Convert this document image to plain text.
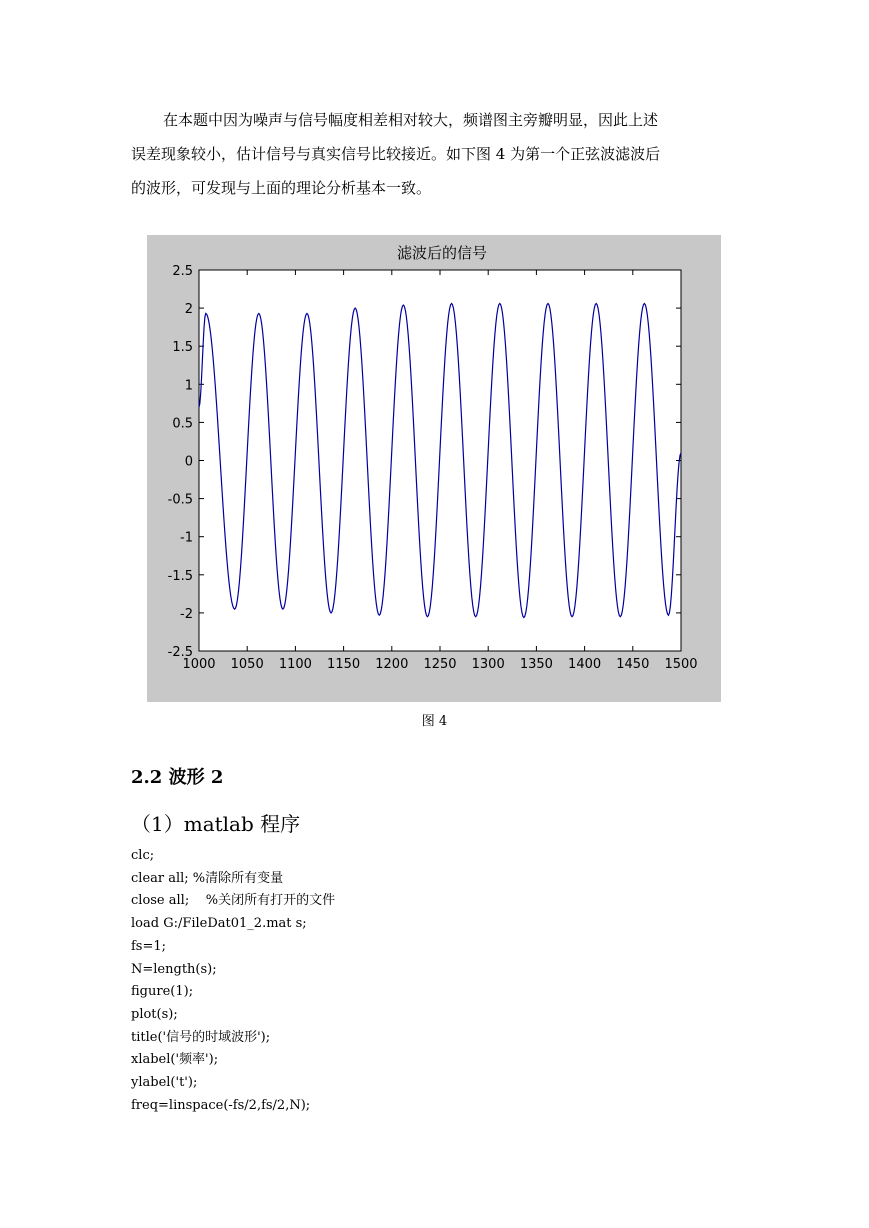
在本题中因为噪声与信号幅度相差相对较大，频谱图主旁瓣明显，因此上述
误差现象较小，估计信号与真实信号比较接近。如下图 4 为第一个正弦波滤波后
的波形，可发现与上面的理论分析基本一致。
滤波后的信号
1000 1050 1100 1150 1200 1250 1300 1350 1400 1450 1500
2.5
2
1.5
1
0.5
0
-0.5
-1
-1.5
-2
-2.5
图 4
2.2 波形 2
（1）matlab 程序
clc;
clear all; %清除所有变量
close all;    %关闭所有打开的文件
load G:/FileDat01_2.mat s;
fs=1;
N=length(s);
figure(1);
plot(s);
title('信号的时域波形');
xlabel('频率');
ylabel('t');
freq=linspace(-fs/2,fs/2,N);
